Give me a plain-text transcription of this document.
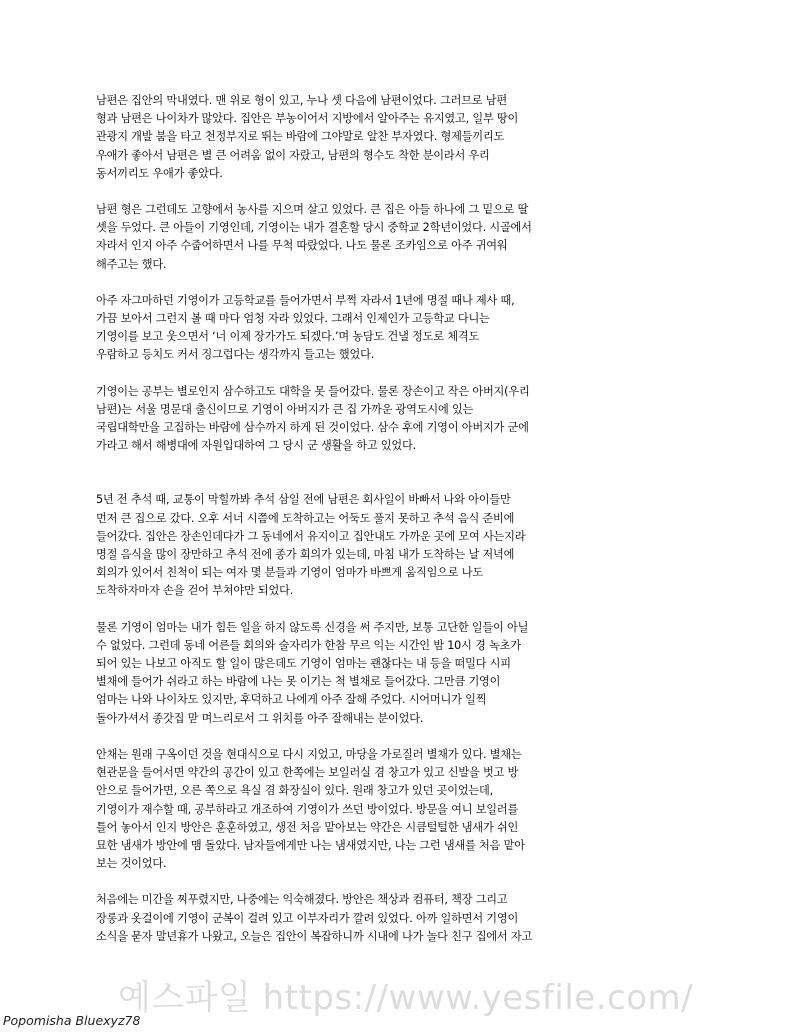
남편은 집안의 막내였다. 맨 위로 형이 있고, 누나 셋 다음에 남편이었다. 그러므로 남편
형과 남편은 나이차가 많았다. 집안은 부농이어서 지방에서 알아주는 유지였고, 일부 땅이
관광지 개발 붐을 타고 천정부지로 뛰는 바람에 그야말로 알찬 부자였다. 형제들끼리도
우애가 좋아서 남편은 별 큰 어려움 없이 자랐고, 남편의 형수도 착한 분이라서 우리
동서끼리도 우애가 좋았다.
남편 형은 그런데도 고향에서 농사를 지으며 살고 있었다. 큰 집은 아들 하나에 그 밑으로 딸
셋을 두었다. 큰 아들이 기영인데, 기영이는 내가 결혼할 당시 중학교 2학년이었다. 시골에서
자라서 인지 아주 수줍어하면서 나를 무척 따랐었다. 나도 물론 조카임으로 아주 귀여워
해주고는 했다.
아주 자그마하던 기영이가 고등학교를 들어가면서 부쩍 자라서 1년에 명절 때나 제사 때,
가끔 보아서 그런지 볼 때 마다 엄청 자라 있었다. 그래서 인제인가 고등학교 다니는
기영이를 보고 웃으면서 ‘너 이제 장가가도 되겠다.’며 농담도 건낼 정도로 체격도
우람하고 등치도 커서 징그럽다는 생각까지 들고는 했었다.
기영이는 공부는 별로인지 삼수하고도 대학을 못 들어갔다. 물론 장손이고 작은 아버지(우리
남편)는 서울 명문대 출신이므로 기영이 아버지가 큰 집 가까운 광역도시에 있는
국립대학만을 고집하는 바람에 삼수까지 하게 된 것이었다. 삼수 후에 기영이 아버지가 군에
가라고 해서 해병대에 자원입대하여 그 당시 군 생활을 하고 있었다.
5년 전 추석 때, 교통이 막힐까봐 추석 삼일 전에 남편은 회사일이 바빠서 나와 아이들만
먼저 큰 집으로 갔다. 오후 서너 시쯤에 도착하고는 어둑도 풀지 못하고 추석 음식 준비에
들어갔다. 집안은 장손인데다가 그 동네에서 유지이고 집안내도 가까운 곳에 모여 사는지라
명절 음식을 많이 장만하고 추석 전에 종가 회의가 있는데, 마침 내가 도착하는 날 저녁에
회의가 있어서 친척이 되는 여자 몇 분들과 기영이 엄마가 바쁘게 움직임으로 나도
도착하자마자 손을 걷어 부쳐야만 되었다.
물론 기영이 엄마는 내가 힘든 일을 하지 않도록 신경을 써 주지만, 보통 고단한 일들이 아닐
수 없었다. 그런데 동네 어른들 회의와 술자리가 한참 무르 익는 시간인 밤 10시 경 녹초가
되어 있는 나보고 아직도 할 일이 많은데도 기영이 엄마는 괜찮다는 내 등을 떠밀다 시피
별채에 들어가 쉬라고 하는 바람에 나는 못 이기는 척 별채로 들어갔다. 그만큼 기영이
엄마는 나와 나이차도 있지만, 후덕하고 나에게 아주 잘해 주었다. 시어머니가 일찍
돌아가셔서 종갓집 맏 며느리로서 그 위치를 아주 잘해내는 분이었다.
안채는 원래 구옥이던 것을 현대식으로 다시 지었고, 마당을 가로질러 별채가 있다. 별채는
현관문을 들어서면 약간의 공간이 있고 한쪽에는 보일러실 겸 창고가 있고 신발을 벗고 방
안으로 들어가면, 오른 쪽으로 욕실 겸 화장실이 있다. 원래 창고가 있던 곳이었는데,
기영이가 재수할 때, 공부하라고 개조하여 기영이가 쓰던 방이었다. 방문을 여니 보일러를
틀어 놓아서 인지 방안은 훈훈하였고, 생전 처음 맡아보는 약간은 시큼털털한 냄새가 쉬인
묘한 냄새가 방안에 맴 돌았다. 남자들에게만 나는 냄새였지만, 나는 그런 냄새를 처음 맡아
보는 것이었다.
처음에는 미간을 찌푸렸지만, 나중에는 익숙해졌다. 방안은 책상과 컴퓨터, 책장 그리고
장롱과 옷걸이에 기영이 군복이 걸려 있고 이부자리가 깔려 있었다. 아까 일하면서 기영이
소식을 묻자 말년휴가 나왔고, 오늘은 집안이 복잡하니까 시내에 나가 놀다 친구 집에서 자고
예스파일 https://www.yesfile.com/
Popomisha Bluexyz78
